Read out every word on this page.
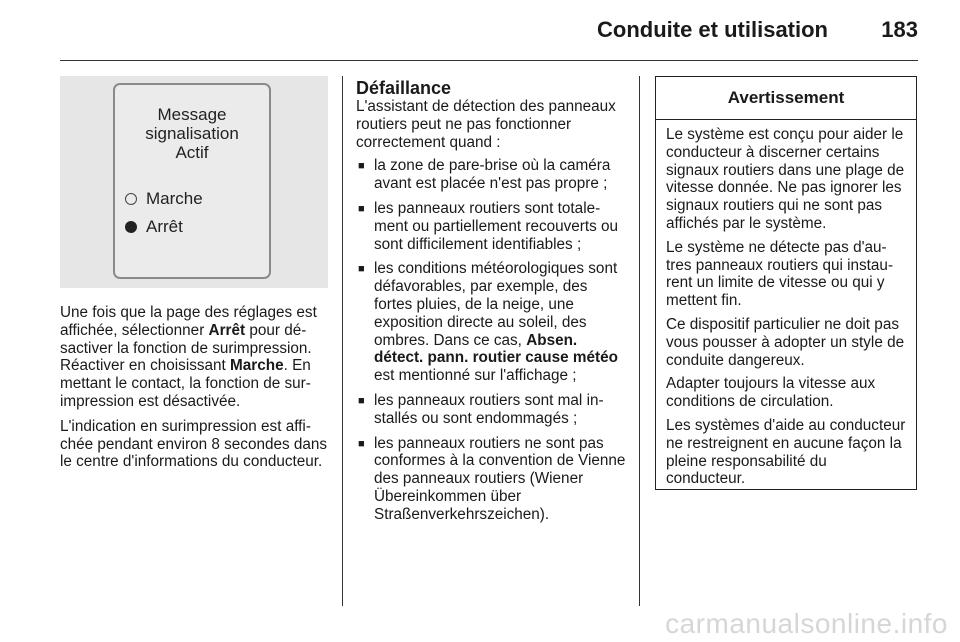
Conduite et utilisation 183
Message
signalisation
Actif
Marche
Arrêt

Une fois que la page des réglages est affichée, sélectionner Arrêt pour désactiver la fonction de surimpression. Réactiver en choisissant Marche. En mettant le contact, la fonction de surimpression est désactivée.

L'indication en surimpression est affichée pendant environ 8 secondes dans le centre d'informations du conducteur.

Défaillance

L'assistant de détection des panneaux routiers peut ne pas fonctionner correctement quand :

■ la zone de pare-brise où la caméra avant est placée n'est pas propre ;
■ les panneaux routiers sont totalement ou partiellement recouverts ou sont difficilement identifiables ;
■ les conditions météorologiques sont défavorables, par exemple, des fortes pluies, de la neige, une exposition directe au soleil, des ombres. Dans ce cas, Absen. détect. pann. routier cause météo est mentionné sur l'affichage ;
■ les panneaux routiers sont mal installés ou sont endommagés ;
■ les panneaux routiers ne sont pas conformes à la convention de Vienne des panneaux routiers (Wiener Übereinkommen über Straßenverkehrszeichen).
Avertissement

Le système est conçu pour aider le conducteur à discerner certains signaux routiers dans une plage de vitesse donnée. Ne pas ignorer les signaux routiers qui ne sont pas affichés par le système.

Le système ne détecte pas d'autres panneaux routiers qui instaurent un limite de vitesse ou qui y mettent fin.

Ce dispositif particulier ne doit pas vous pousser à adopter un style de conduite dangereux.

Adapter toujours la vitesse aux conditions de circulation.

Les systèmes d'aide au conducteur ne restreignent en aucune façon la pleine responsabilité du conducteur.

carmanualsonline.info
